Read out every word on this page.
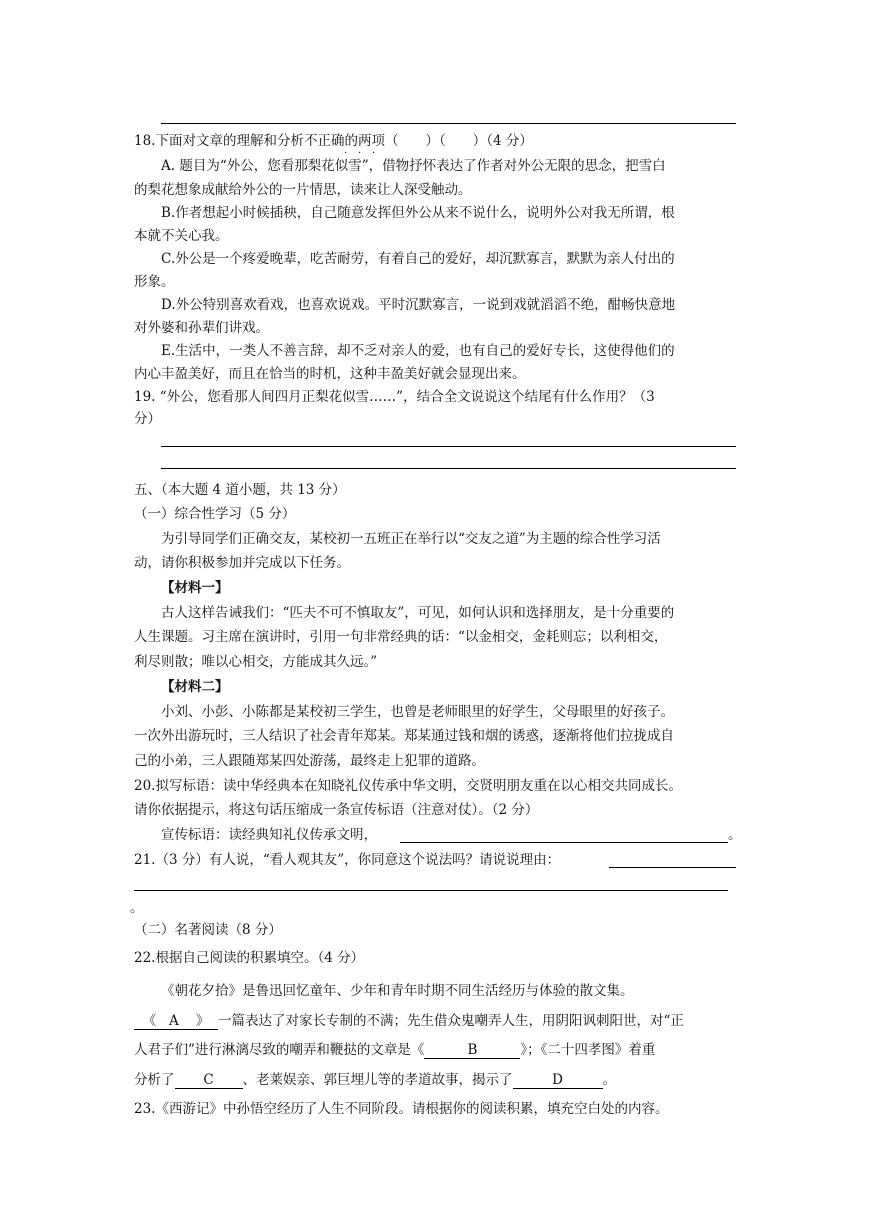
18.下面对文章的理解和分析不正确的两项（　　）（　　）（4 分）
· · ·
A. 题目为“外公，您看那梨花似雪”，借物抒怀表达了作者对外公无限的思念，把雪白
的梨花想象成献给外公的一片情思，读来让人深受触动。
B.作者想起小时候插秧，自己随意发挥但外公从来不说什么，说明外公对我无所谓，根
本就不关心我。
C.外公是一个疼爱晚辈，吃苦耐劳，有着自己的爱好，却沉默寡言，默默为亲人付出的
形象。
D.外公特别喜欢看戏，也喜欢说戏。平时沉默寡言，一说到戏就滔滔不绝，酣畅快意地
对外婆和孙辈们讲戏。
E.生活中，一类人不善言辞，却不乏对亲人的爱，也有自己的爱好专长，这使得他们的
内心丰盈美好，而且在恰当的时机，这种丰盈美好就会显现出来。
19. “外公，您看那人间四月正梨花似雪……”，结合全文说说这个结尾有什么作用？（3
分）
五、（本大题 4 道小题，共 13 分）
（一）综合性学习（5 分）
为引导同学们正确交友，某校初一五班正在举行以“交友之道”为主题的综合性学习活
动，请你积极参加并完成以下任务。
【材料一】
古人这样告诫我们：“匹夫不可不慎取友”，可见，如何认识和选择朋友，是十分重要的
人生课题。习主席在演讲时，引用一句非常经典的话：“以金相交，金耗则忘；以利相交，
利尽则散；唯以心相交，方能成其久远。”
【材料二】
小刘、小彭、小陈都是某校初三学生，也曾是老师眼里的好学生，父母眼里的好孩子。
一次外出游玩时，三人结识了社会青年郑某。郑某通过钱和烟的诱惑，逐渐将他们拉拢成自
己的小弟，三人跟随郑某四处游荡，最终走上犯罪的道路。
20.拟写标语：读中华经典本在知晓礼仪传承中华文明，交贤明朋友重在以心相交共同成长。
请你依据提示，将这句话压缩成一条宣传标语（注意对仗）。（2 分）
宣传标语：读经典知礼仪传承文明，	。
21.（3 分）有人说，“看人观其友”，你同意这个说法吗？请说说理由：
。
（二）名著阅读（8 分）
22.根据自己阅读的积累填空。（4 分）
《朝花夕拾》是鲁迅回忆童年、少年和青年时期不同生活经历与体验的散文集。
《 A 》 一篇表达了对家长专制的不满；先生借众鬼嘲弄人生，用阴阳讽刺阳世，对“正
人君子们”进行淋漓尽致的嘲弄和鞭挞的文章是《	B	》；《二十四孝图》着重
分析了 C 、老莱娱亲、郭巨埋儿等的孝道故事，揭示了	D	。
23.《西游记》中孙悟空经历了人生不同阶段。请根据你的阅读积累，填充空白处的内容。
